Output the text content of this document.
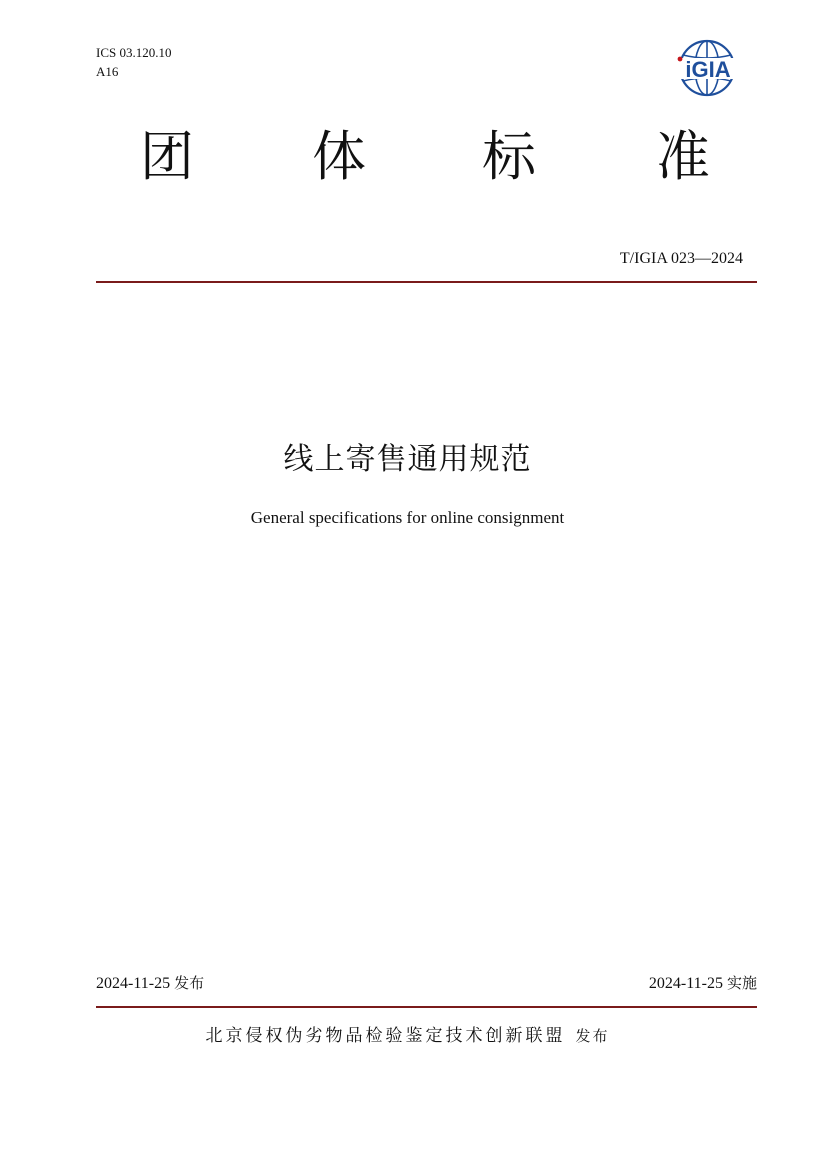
ICS 03.120.10
A16	iGIA
团 体 标 准
T/IGIA 023—2024
线上寄售通用规范
General specifications for online consignment
2024-11-25 发布	2024-11-25 实施
北京侵权伪劣物品检验鉴定技术创新联盟 发布
